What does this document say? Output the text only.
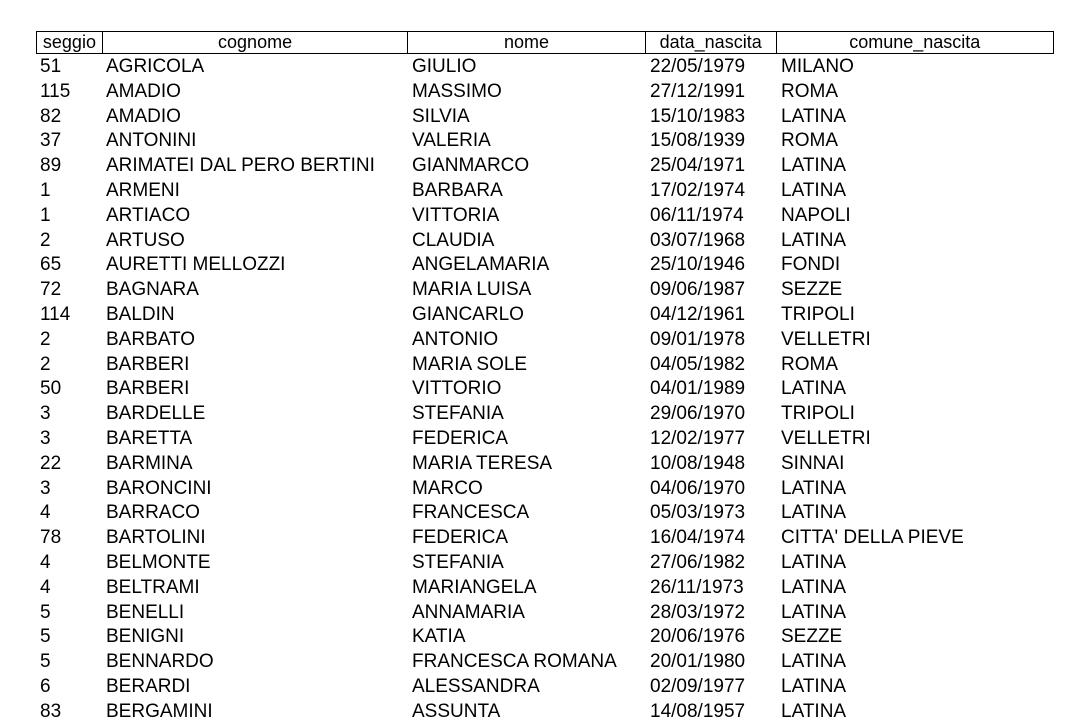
seggio	cognome	nome	data_nascita	comune_nascita
51	AGRICOLA	GIULIO	22/05/1979	MILANO
115	AMADIO	MASSIMO	27/12/1991	ROMA
82	AMADIO	SILVIA	15/10/1983	LATINA
37	ANTONINI	VALERIA	15/08/1939	ROMA
89	ARIMATEI DAL PERO BERTINI	GIANMARCO	25/04/1971	LATINA
1	ARMENI	BARBARA	17/02/1974	LATINA
1	ARTIACO	VITTORIA	06/11/1974	NAPOLI
2	ARTUSO	CLAUDIA	03/07/1968	LATINA
65	AURETTI MELLOZZI	ANGELAMARIA	25/10/1946	FONDI
72	BAGNARA	MARIA LUISA	09/06/1987	SEZZE
114	BALDIN	GIANCARLO	04/12/1961	TRIPOLI
2	BARBATO	ANTONIO	09/01/1978	VELLETRI
2	BARBERI	MARIA SOLE	04/05/1982	ROMA
50	BARBERI	VITTORIO	04/01/1989	LATINA
3	BARDELLE	STEFANIA	29/06/1970	TRIPOLI
3	BARETTA	FEDERICA	12/02/1977	VELLETRI
22	BARMINA	MARIA TERESA	10/08/1948	SINNAI
3	BARONCINI	MARCO	04/06/1970	LATINA
4	BARRACO	FRANCESCA	05/03/1973	LATINA
78	BARTOLINI	FEDERICA	16/04/1974	CITTA' DELLA PIEVE
4	BELMONTE	STEFANIA	27/06/1982	LATINA
4	BELTRAMI	MARIANGELA	26/11/1973	LATINA
5	BENELLI	ANNAMARIA	28/03/1972	LATINA
5	BENIGNI	KATIA	20/06/1976	SEZZE
5	BENNARDO	FRANCESCA ROMANA	20/01/1980	LATINA
6	BERARDI	ALESSANDRA	02/09/1977	LATINA
83	BERGAMINI	ASSUNTA	14/08/1957	LATINA
